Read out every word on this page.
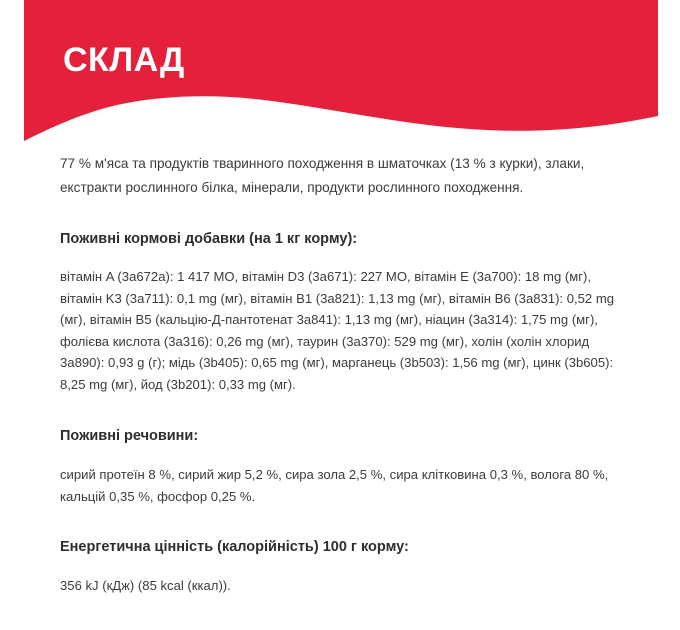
СКЛАД

77 % м'яса та продуктів тваринного походження в шматочках (13 % з курки), злаки, екстракти рослинного білка, мінерали, продукти рослинного походження.

Поживні кормові добавки (на 1 кг корму):

вітамін A (3a672a): 1 417 МО, вітамін D3 (3a671): 227 МО, вітамін E (3a700): 18 mg (мг), вітамін K3 (3a711): 0,1 mg (мг), вітамін B1 (3a821): 1,13 mg (мг), вітамін B6 (3a831): 0,52 mg (мг), вітамін B5 (кальцію-Д-пантотенат 3a841): 1,13 mg (мг), ніацин (3a314): 1,75 mg (мг), фолієва кислота (3a316): 0,26 mg (мг), таурин (3a370): 529 mg (мг), холін (холін хлорид 3a890): 0,93 g (г); мідь (3b405): 0,65 mg (мг), марганець (3b503): 1,56 mg (мг), цинк (3b605): 8,25 mg (мг), йод (3b201): 0,33 mg (мг).

Поживні речовини:

сирий протеїн 8 %, сирий жир 5,2 %, сира зола 2,5 %, сира клітковина 0,3 %, волога 80 %, кальцій 0,35 %, фосфор 0,25 %.

Енергетична цінність (калорійність) 100 г корму:

356 kJ (кДж) (85 kcal (ккал)).
